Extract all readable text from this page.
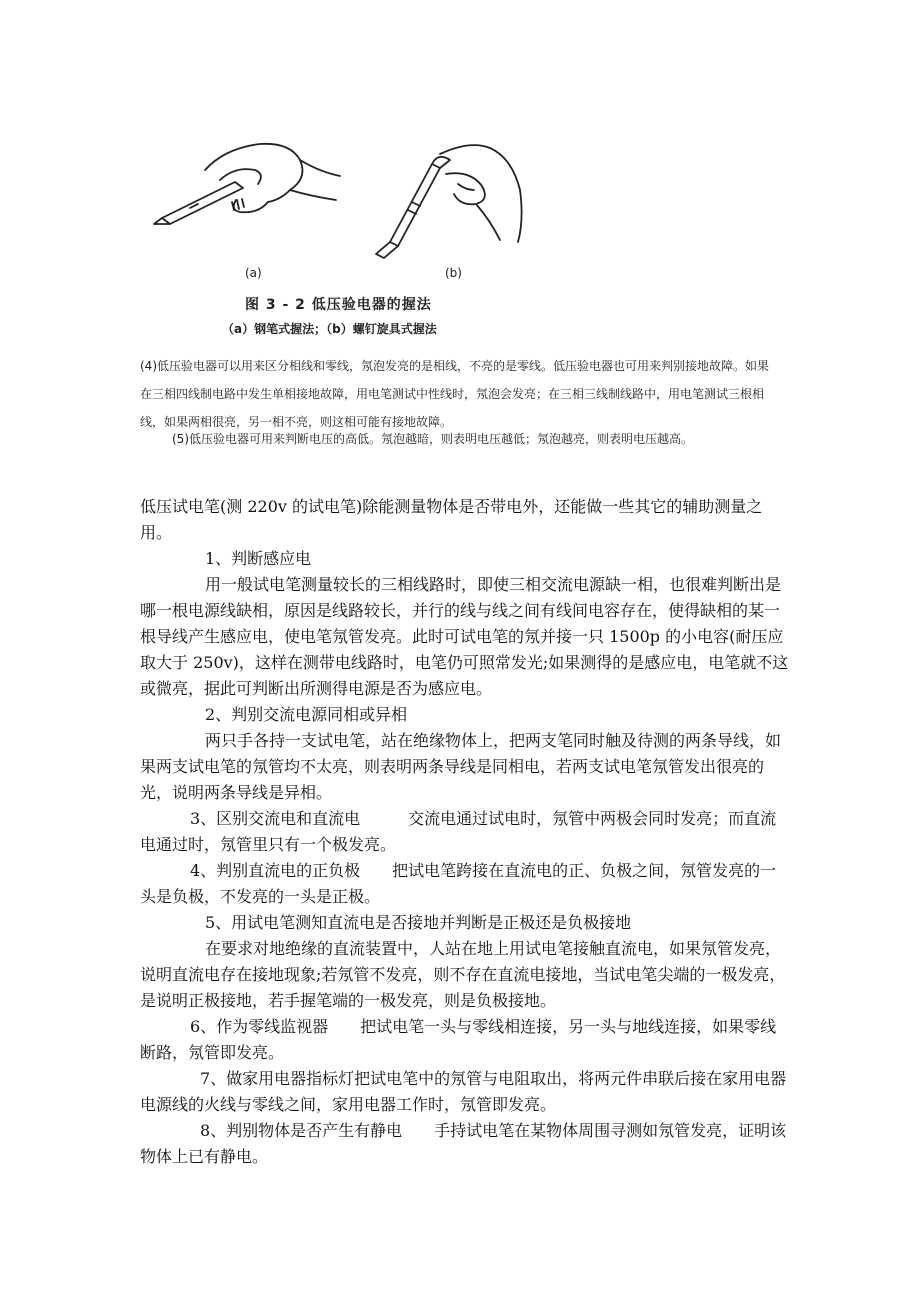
(a)	(b)
图 3 - 2 低压验电器的握法
（a）钢笔式握法；（b）螺钉旋具式握法
(4)低压验电器可以用来区分相线和零线，氖泡发亮的是相线，不亮的是零线。低压验电器也可用来判别接地故障。如果在三相四线制电路中发生单相接地故障，用电笔测试中性线时，氖泡会发亮；在三相三线制线路中，用电笔测试三根相线，如果两相很亮，另一相不亮，则这相可能有接地故障。
(5)低压验电器可用来判断电压的高低。氖泡越暗，则表明电压越低；氖泡越亮，则表明电压越高。

低压试电笔(测 220v 的试电笔)除能测量物体是否带电外，还能做一些其它的辅助测量之用。

1、判断感应电

用一般试电笔测量较长的三相线路时，即使三相交流电源缺一相，也很难判断出是哪一根电源线缺相，原因是线路较长，并行的线与线之间有线间电容存在，使得缺相的某一根导线产生感应电，使电笔氖管发亮。此时可试电笔的氖并接一只 1500p 的小电容(耐压应取大于 250v)，这样在测带电线路时，电笔仍可照常发光;如果测得的是感应电，电笔就不这或微亮，据此可判断出所测得电源是否为感应电。

2、判别交流电源同相或异相

两只手各持一支试电笔，站在绝缘物体上，把两支笔同时触及待测的两条导线，如果两支试电笔的氖管均不太亮，则表明两条导线是同相电，若两支试电笔氖管发出很亮的光，说明两条导线是异相。

3、区别交流电和直流电　　　交流电通过试电时，氖管中两极会同时发亮；而直流电通过时，氖管里只有一个极发亮。

4、判别直流电的正负极　　把试电笔跨接在直流电的正、负极之间，氖管发亮的一头是负极，不发亮的一头是正极。

5、用试电笔测知直流电是否接地并判断是正极还是负极接地

在要求对地绝缘的直流装置中，人站在地上用试电笔接触直流电，如果氖管发亮，说明直流电存在接地现象;若氖管不发亮，则不存在直流电接地，当试电笔尖端的一极发亮，是说明正极接地，若手握笔端的一极发亮，则是负极接地。

6、作为零线监视器　　把试电笔一头与零线相连接，另一头与地线连接，如果零线断路，氖管即发亮。

7、做家用电器指标灯把试电笔中的氖管与电阻取出，将两元件串联后接在家用电器电源线的火线与零线之间，家用电器工作时，氖管即发亮。

8、判别物体是否产生有静电　　手持试电笔在某物体周围寻测如氖管发亮，证明该物体上已有静电。
